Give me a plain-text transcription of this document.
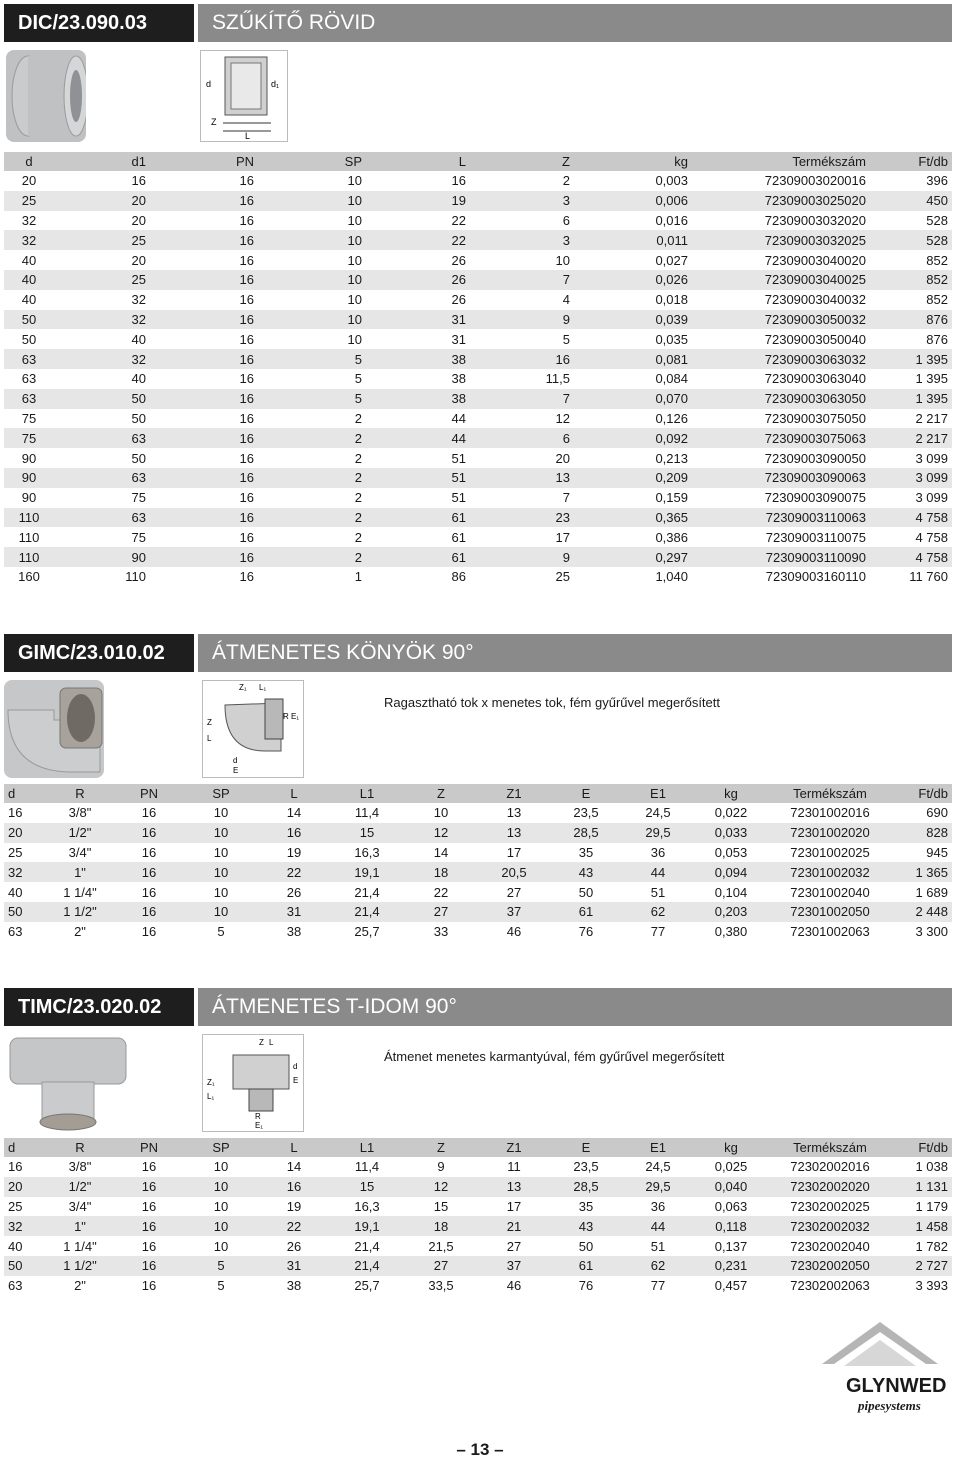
DIC/23.090.03	SZŰKÍTŐ RÖVID
d	d₁
Z
L
d	d1	PN	SP	L	Z	kg	Termékszám	Ft/db
20	16	16	10	16	2	0,003	72309003020016	396
25	20	16	10	19	3	0,006	72309003025020	450
32	20	16	10	22	6	0,016	72309003032020	528
32	25	16	10	22	3	0,011	72309003032025	528
40	20	16	10	26	10	0,027	72309003040020	852
40	25	16	10	26	7	0,026	72309003040025	852
40	32	16	10	26	4	0,018	72309003040032	852
50	32	16	10	31	9	0,039	72309003050032	876
50	40	16	10	31	5	0,035	72309003050040	876
63	32	16	5	38	16	0,081	72309003063032	1 395
63	40	16	5	38	11,5	0,084	72309003063040	1 395
63	50	16	5	38	7	0,070	72309003063050	1 395
75	50	16	2	44	12	0,126	72309003075050	2 217
75	63	16	2	44	6	0,092	72309003075063	2 217
90	50	16	2	51	20	0,213	72309003090050	3 099
90	63	16	2	51	13	0,209	72309003090063	3 099
90	75	16	2	51	7	0,159	72309003090075	3 099
110	63	16	2	61	23	0,365	72309003110063	4 758
110	75	16	2	61	17	0,386	72309003110075	4 758
110	90	16	2	61	9	0,297	72309003110090	4 758
160	110	16	1	86	25	1,040	72309003160110	11 760
GIMC/23.010.02	ÁTMENETES KÖNYÖK 90°
Z₁ L₁
R E₁
Z
L
d
E
Ragasztható tok x menetes tok, fém gyűrűvel megerősített
d	R	PN	SP	L	L1	Z	Z1	E	E1	kg	Termékszám	Ft/db
16	3/8"	16	10	14	11,4	10	13	23,5	24,5	0,022	72301002016	690
20	1/2"	16	10	16	15	12	13	28,5	29,5	0,033	72301002020	828
25	3/4"	16	10	19	16,3	14	17	35	36	0,053	72301002025	945
32	1"	16	10	22	19,1	18	20,5	43	44	0,094	72301002032	1 365
40	1 1/4"	16	10	26	21,4	22	27	50	51	0,104	72301002040	1 689
50	1 1/2"	16	10	31	21,4	27	37	61	62	0,203	72301002050	2 448
63	2"	16	5	38	25,7	33	46	76	77	0,380	72301002063	3 300
TIMC/23.020.02	ÁTMENETES T-IDOM 90°
Z L
d
E
Z₁
L₁
R
E₁
Átmenet menetes karmantyúval, fém gyűrűvel megerősített
d	R	PN	SP	L	L1	Z	Z1	E	E1	kg	Termékszám	Ft/db
16	3/8"	16	10	14	11,4	9	11	23,5	24,5	0,025	72302002016	1 038
20	1/2"	16	10	16	15	12	13	28,5	29,5	0,040	72302002020	1 131
25	3/4"	16	10	19	16,3	15	17	35	36	0,063	72302002025	1 179
32	1"	16	10	22	19,1	18	21	43	44	0,118	72302002032	1 458
40	1 1/4"	16	10	26	21,4	21,5	27	50	51	0,137	72302002040	1 782
50	1 1/2"	16	5	31	21,4	27	37	61	62	0,231	72302002050	2 727
63	2"	16	5	38	25,7	33,5	46	76	77	0,457	72302002063	3 393
GLYNWED
pipesystems
– 13 –
